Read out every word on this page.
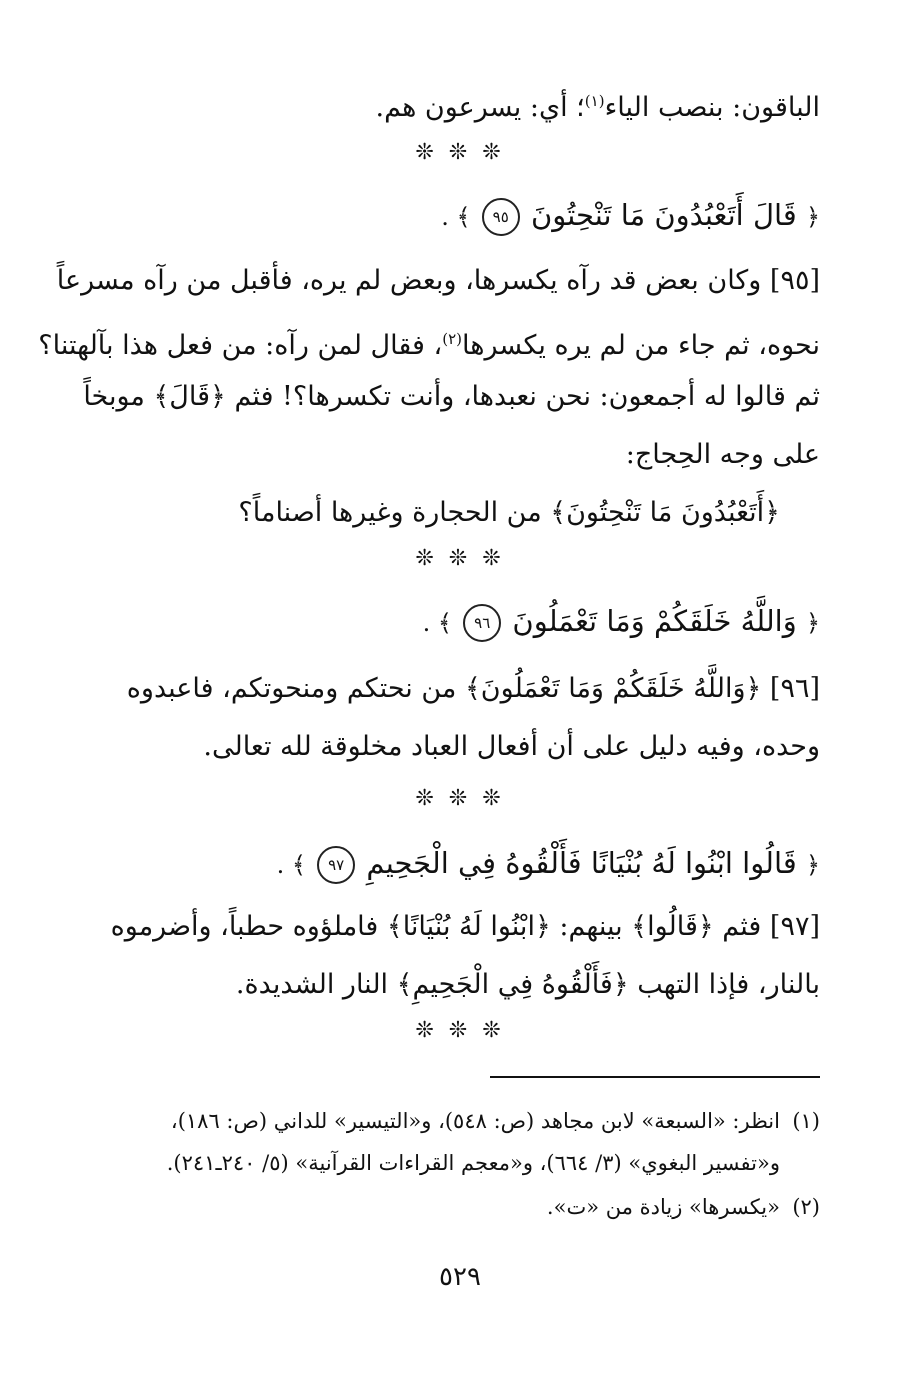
الباقون: بنصب الياء$^{(١)}$؛ أي: يسرعون هم.
❊ ❊ ❊
﴿ قَالَ أَتَعْبُدُونَ مَا تَنْحِتُونَ ٩٥ ﴾ .
[٩٥] وكان بعض قد رآه يكسرها، وبعض لم يره، فأقبل من رآه مسرعاً
نحوه، ثم جاء من لم يره يكسرها$^{(٢)}$، فقال لمن رآه: من فعل هذا بآلهتنا؟
ثم قالوا له أجمعون: نحن نعبدها، وأنت تكسرها؟! فثم ﴿قَالَ﴾ موبخاً
على وجه الحِجاج:
﴿أَتَعْبُدُونَ مَا تَنْحِتُونَ﴾ من الحجارة وغيرها أصناماً؟
❊ ❊ ❊
﴿ وَاللَّهُ خَلَقَكُمْ وَمَا تَعْمَلُونَ ٩٦ ﴾ .
[٩٦] ﴿وَاللَّهُ خَلَقَكُمْ وَمَا تَعْمَلُونَ﴾ من نحتكم ومنحوتكم، فاعبدوه
وحده، وفيه دليل على أن أفعال العباد مخلوقة لله تعالى.
❊ ❊ ❊
﴿ قَالُوا ابْنُوا لَهُ بُنْيَانًا فَأَلْقُوهُ فِي الْجَحِيمِ ٩٧ ﴾ .
[٩٧] فثم ﴿قَالُوا﴾ بينهم: ﴿ابْنُوا لَهُ بُنْيَانًا﴾ فاملؤوه حطباً، وأضرموه
بالنار، فإذا التهب ﴿فَأَلْقُوهُ فِي الْجَحِيمِ﴾ النار الشديدة.
❊ ❊ ❊
(١)انظر: «السبعة» لابن مجاهد (ص: ٥٤٨)، و«التيسير» للداني (ص: ١٨٦)،
و«تفسير البغوي» (٣/ ٦٦٤)، و«معجم القراءات القرآنية» (٥/ ٢٤٠ـ٢٤١).
(٢)«يكسرها» زيادة من «ت».
٥٢٩
